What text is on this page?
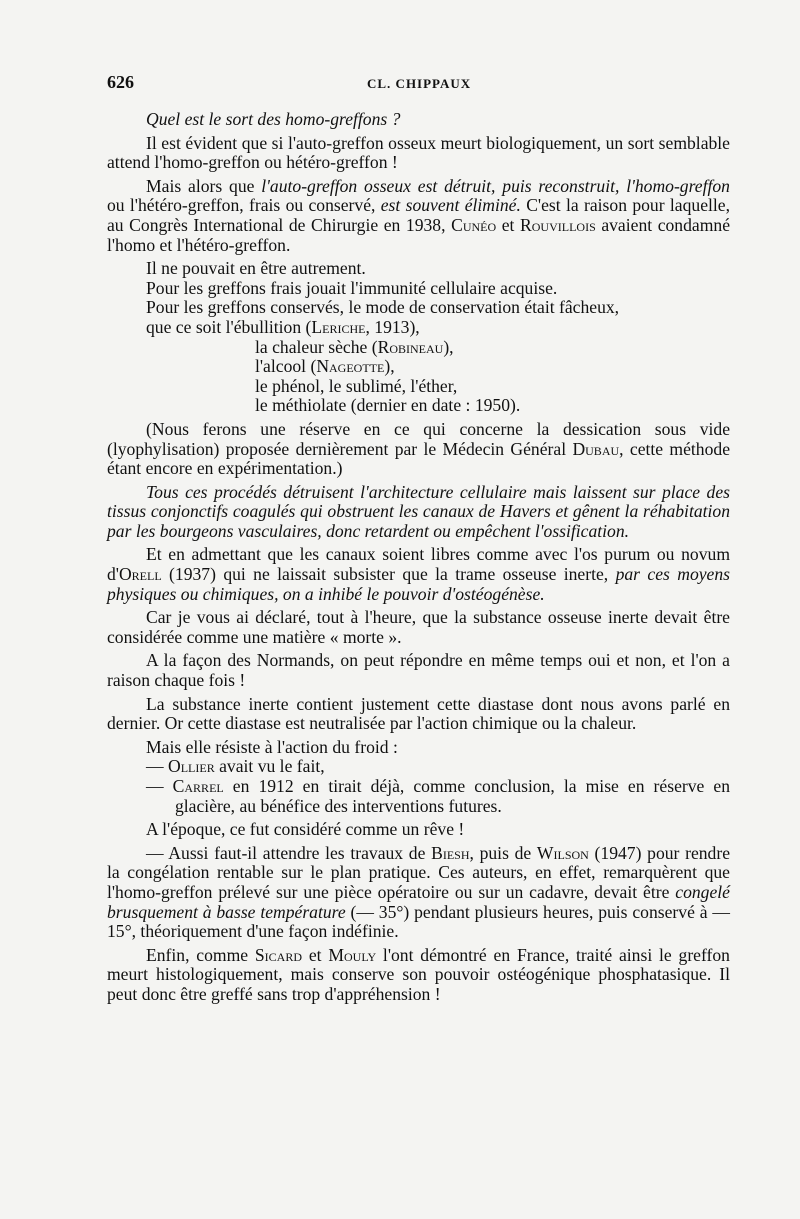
626	CL. CHIPPAUX

Quel est le sort des homo-greffons ?

Il est évident que si l'auto-greffon osseux meurt biologiquement, un sort semblable attend l'homo-greffon ou hétéro-greffon !

Mais alors que l'auto-greffon osseux est détruit, puis reconstruit, l'homo-greffon ou l'hétéro-greffon, frais ou conservé, est souvent éliminé. C'est la raison pour laquelle, au Congrès International de Chirurgie en 1938, Cunéo et Rouvillois avaient condamné l'homo et l'hétéro-greffon.

Il ne pouvait en être autrement.

Pour les greffons frais jouait l'immunité cellulaire acquise.

Pour les greffons conservés, le mode de conservation était fâcheux,

que ce soit l'ébullition (Leriche, 1913),

la chaleur sèche (Robineau),

l'alcool (Nageotte),

le phénol, le sublimé, l'éther,

le méthiolate (dernier en date : 1950).

(Nous ferons une réserve en ce qui concerne la dessication sous vide (lyophylisation) proposée dernièrement par le Médecin Général Dubau, cette méthode étant encore en expérimentation.)

Tous ces procédés détruisent l'architecture cellulaire mais laissent sur place des tissus conjonctifs coagulés qui obstruent les canaux de Havers et gênent la réhabitation par les bourgeons vasculaires, donc retardent ou empêchent l'ossification.

Et en admettant que les canaux soient libres comme avec l'os purum ou novum d'Orell (1937) qui ne laissait subsister que la trame osseuse inerte, par ces moyens physiques ou chimiques, on a inhibé le pouvoir d'ostéogénèse.

Car je vous ai déclaré, tout à l'heure, que la substance osseuse inerte devait être considérée comme une matière « morte ».

A la façon des Normands, on peut répondre en même temps oui et non, et l'on a raison chaque fois !

La substance inerte contient justement cette diastase dont nous avons parlé en dernier. Or cette diastase est neutralisée par l'action chimique ou la chaleur.

Mais elle résiste à l'action du froid :

— Ollier avait vu le fait,

— Carrel en 1912 en tirait déjà, comme conclusion, la mise en réserve en glacière, au bénéfice des interventions futures.

A l'époque, ce fut considéré comme un rêve !

— Aussi faut-il attendre les travaux de Biesh, puis de Wilson (1947) pour rendre la congélation rentable sur le plan pratique. Ces auteurs, en effet, remarquèrent que l'homo-greffon prélevé sur une pièce opératoire ou sur un cadavre, devait être congelé brusquement à basse température (— 35°) pendant plusieurs heures, puis conservé à — 15°, théoriquement d'une façon indéfinie.

Enfin, comme Sicard et Mouly l'ont démontré en France, traité ainsi le greffon meurt histologiquement, mais conserve son pouvoir ostéogénique phosphatasique. Il peut donc être greffé sans trop d'appréhension !
